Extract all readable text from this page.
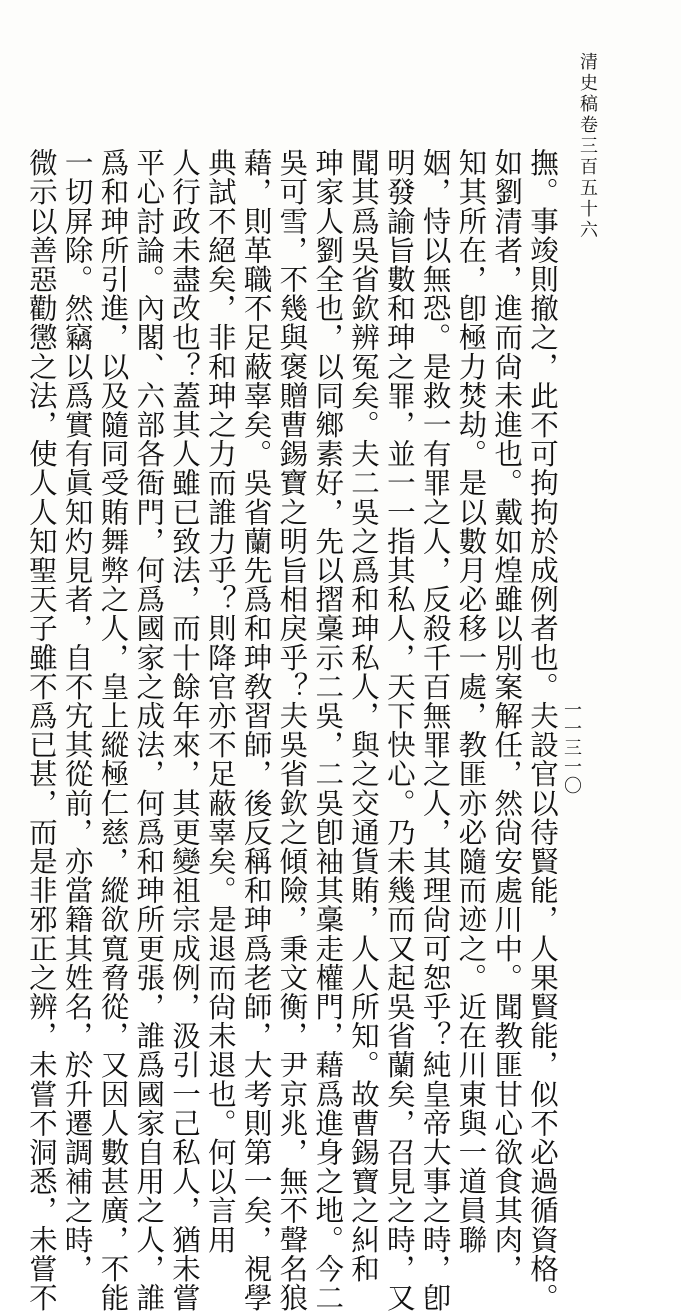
清史稿卷三百五十六
一一三一〇
撫。事竣則撤之，此不可拘拘於成例者也。夫設官以待賢能，人果賢能，似不必過循資格。
如劉清者，進而尙未進也。戴如煌雖以別案解任，然尙安處川中。聞教匪甘心欲食其肉，
知其所在，卽極力焚劫。是以數月必移一處，教匪亦必隨而迹之。近在川東與一道員聯
姻，恃以無恐。是救一有罪之人，反殺千百無罪之人，其理尙可恕乎？純皇帝大事之時，卽
明發諭旨數和珅之罪，並一一指其私人，天下快心。乃未幾而又起吳省蘭矣，召見之時，又
聞其爲吳省欽辨冤矣。夫二吳之爲和珅私人，與之交通貨賄，人人所知。故曹錫寶之糾和
珅家人劉全也，以同鄉素好，先以摺稾示二吳，二吳卽袖其稾走權門，藉爲進身之地。今二
吳可雪，不幾與褒贈曹錫寶之明旨相戾乎？夫吳省欽之傾險，秉文衡，尹京兆，無不聲名狼
藉，則革職不足蔽辜矣。吳省蘭先爲和珅敎習師，後反稱和珅爲老師，大考則第一矣，視學
典試不絕矣，非和珅之力而誰力乎？則降官亦不足蔽辜矣。是退而尙未退也。何以言用
人行政未盡改也？蓋其人雖已致法，而十餘年來，其更變祖宗成例，汲引一己私人，猶未嘗
平心討論。內閣、六部各衙門，何爲國家之成法，何爲和珅所更張，誰爲國家自用之人，誰
爲和珅所引進，以及隨同受賄舞弊之人，皇上縱極仁慈，縱欲寬脅從，又因人數甚廣，不能
一切屏除。然竊以爲實有眞知灼見者，自不宄其從前，亦當籍其姓名，於升遷調補之時，
微示以善惡勸懲之法，使人人知聖天子雖不爲已甚，而是非邪正之辨，未嘗不洞悉，未嘗不
